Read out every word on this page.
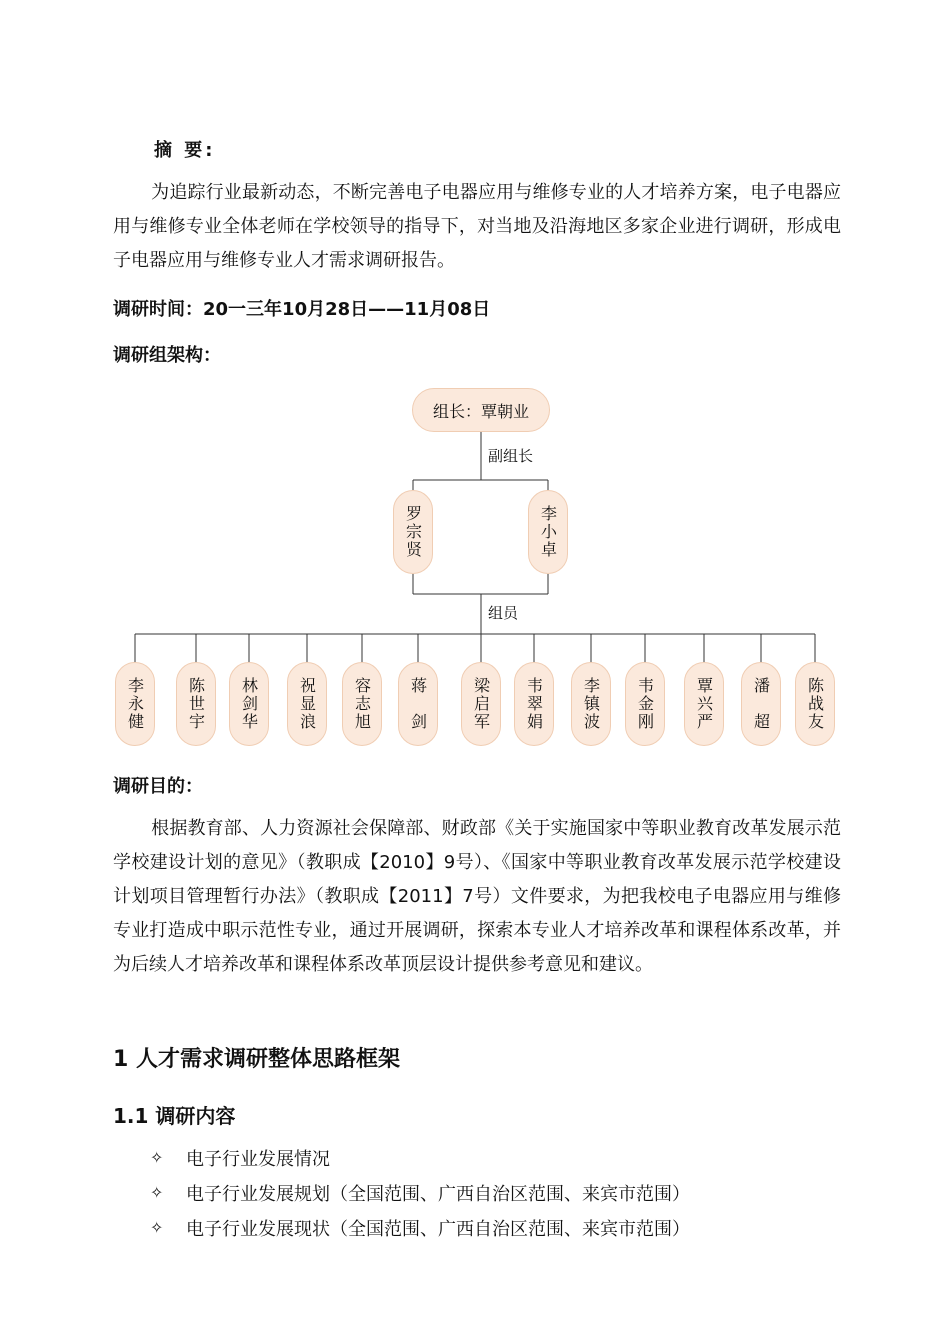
摘 要:
为追踪行业最新动态，不断完善电子电器应用与维修专业的人才培养方案，电子电器应用与维修专业全体老师在学校领导的指导下，对当地及沿海地区多家企业进行调研，形成电子电器应用与维修专业人才需求调研报告。
调研时间：20一三年10月28日——11月08日
调研组架构：
组长：覃朝业
副组长
罗宗贤	李小卓
组员
李永健	陈世宇	林剑华	祝显浪	容志旭	蒋　剑	梁启军	韦翠娟	李镇波	韦金刚	覃兴严	潘　超	陈战友
调研目的：
根据教育部、人力资源社会保障部、财政部《关于实施国家中等职业教育改革发展示范学校建设计划的意见》（教职成【2010】9号）、《国家中等职业教育改革发展示范学校建设计划项目管理暂行办法》（教职成【2011】7号）文件要求，为把我校电子电器应用与维修专业打造成中职示范性专业，通过开展调研，探索本专业人才培养改革和课程体系改革，并为后续人才培养改革和课程体系改革顶层设计提供参考意见和建议。
1 人才需求调研整体思路框架
1.1 调研内容
✧	电子行业发展情况
✧	电子行业发展规划（全国范围、广西自治区范围、来宾市范围）
✧	电子行业发展现状（全国范围、广西自治区范围、来宾市范围）
